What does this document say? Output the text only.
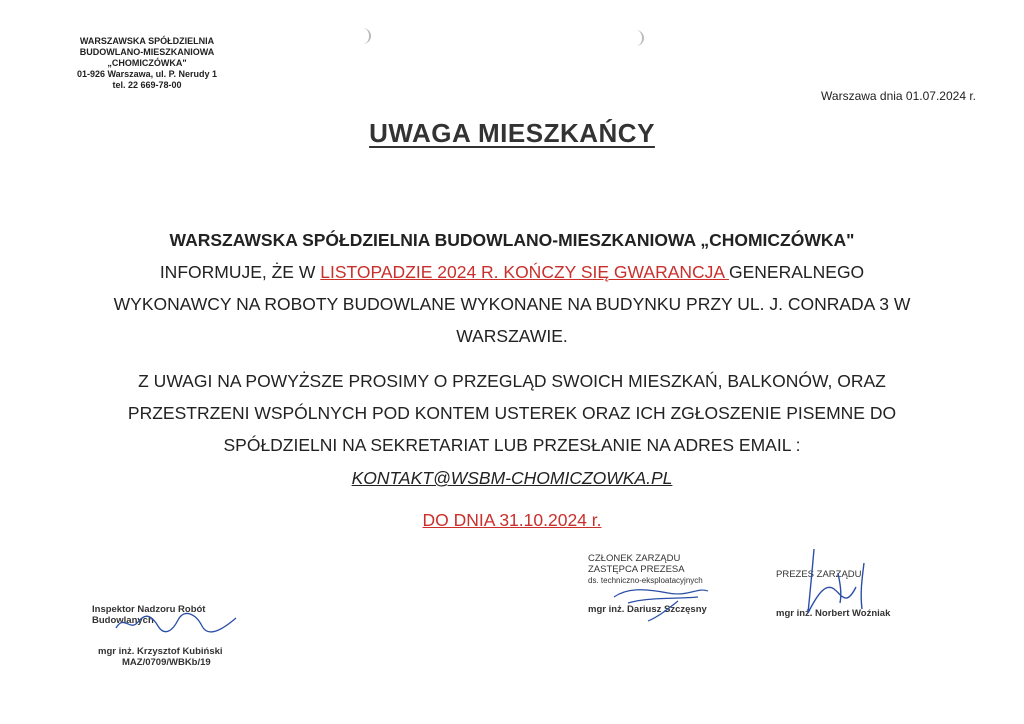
WARSZAWSKA SPÓŁDZIELNIA
BUDOWLANO-MIESZKANIOWA
„CHOMICZÓWKA"
01-926 Warszawa, ul. P. Nerudy 1
tel. 22 669-78-00
Warszawa dnia 01.07.2024 r.
UWAGA MIESZKAŃCY
WARSZAWSKA SPÓŁDZIELNIA BUDOWLANO-MIESZKANIOWA „CHOMICZÓWKA"
INFORMUJE, ŻE W LISTOPADZIE 2024 R. KOŃCZY SIĘ GWARANCJA GENERALNEGO WYKONAWCY NA ROBOTY BUDOWLANE WYKONANE NA BUDYNKU PRZY UL. J. CONRADA 3 W WARSZAWIE.
Z UWAGI NA POWYŻSZE PROSIMY O PRZEGLĄD SWOICH MIESZKAŃ, BALKONÓW, ORAZ PRZESTRZENI WSPÓLNYCH POD KONTEM USTEREK ORAZ ICH ZGŁOSZENIE PISEMNE DO SPÓŁDZIELNI NA SEKRETARIAT LUB PRZESŁANIE NA ADRES EMAIL :
KONTAKT@WSBM-CHOMICZOWKA.PL
DO DNIA 31.10.2024 r.
Inspektor Nadzoru Robót Budowlanych
mgr inż. Krzysztof Kubiński
MAZ/0709/WBKb/19
CZŁONEK ZARZĄDU
ZASTĘPCA PREZESA
ds. techniczno-eksploatacyjnych
mgr inż. Dariusz Szczęsny
PREZES ZARZĄDU
mgr inż. Norbert Woźniak
